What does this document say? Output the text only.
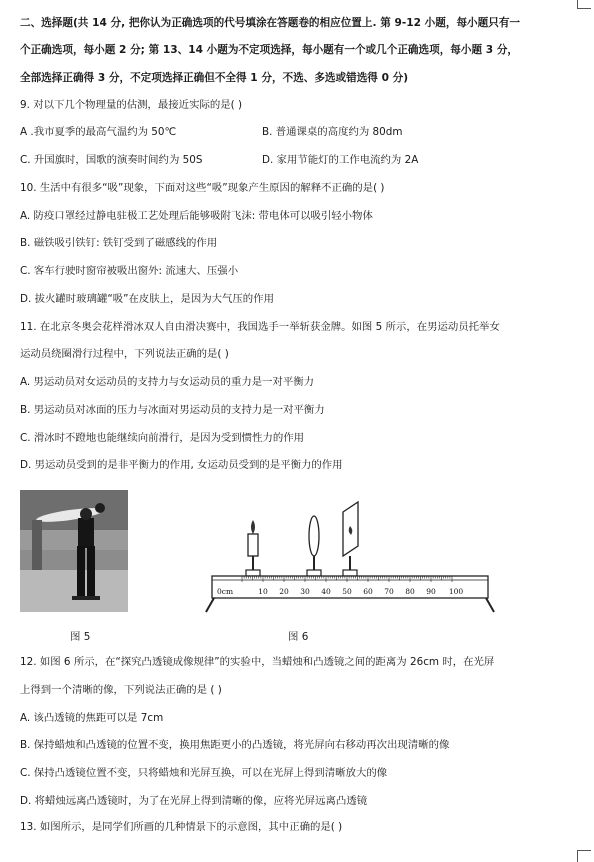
二、选择题(共 14 分, 把你认为正确选项的代号填涂在答题卷的相应位置上. 第 9-12 小题，每小题只有一
个正确选项，每小题 2 分; 第 13、14 小题为不定项选择，每小题有一个或几个正确选项，每小题 3 分，
全部选择正确得 3 分，不定项选择正确但不全得 1 分，不选、多选或错选得 0 分)
9. 对以下几个物理量的估测，最接近实际的是( )
A .我市夏季的最高气温约为 50℃	B. 普通课桌的高度约为 80dm
C. 升国旗时，国歌的演奏时间约为 50S	D. 家用节能灯的工作电流约为 2A
10. 生活中有很多“吸”现象，下面对这些“吸”现象产生原因的解释不正确的是( )
A. 防疫口罩经过静电驻极工艺处理后能够吸附飞沫: 带电体可以吸引轻小物体
B. 磁铁吸引铁钉: 铁钉受到了磁感线的作用
C. 客车行驶时窗帘被吸出窗外: 流速大、压强小
D. 拔火罐时玻璃罐“吸”在皮肤上，是因为大气压的作用
11. 在北京冬奥会花样滑冰双人自由滑决赛中，我国选手一举斩获金牌。如图 5 所示，在男运动员托举女
运动员绕圈滑行过程中，下列说法正确的是( )
A. 男运动员对女运动员的支持力与女运动员的重力是一对平衡力
B. 男运动员对冰面的压力与冰面对男运动员的支持力是一对平衡力
C. 滑冰时不蹬地也能继续向前滑行，是因为受到惯性力的作用
D. 男运动员受到的是非平衡力的作用, 女运动员受到的是平衡力的作用
0cm	10 20 30 40 50 60 70 80 90 100
图 5	图 6
12. 如图 6 所示，在“探究凸透镜成像规律”的实验中，当蜡烛和凸透镜之间的距离为 26cm 时，在光屏
上得到一个清晰的像，下列说法正确的是 ( )
A. 该凸透镜的焦距可以是 7cm
B. 保持蜡烛和凸透镜的位置不变，换用焦距更小的凸透镜，将光屏向右移动再次出现清晰的像
C. 保持凸透镜位置不变，只将蜡烛和光屏互换，可以在光屏上得到清晰放大的像
D. 将蜡烛远离凸透镜时，为了在光屏上得到清晰的像，应将光屏远离凸透镜
13. 如图所示，是同学们所画的几种情景下的示意图，其中正确的是( )
